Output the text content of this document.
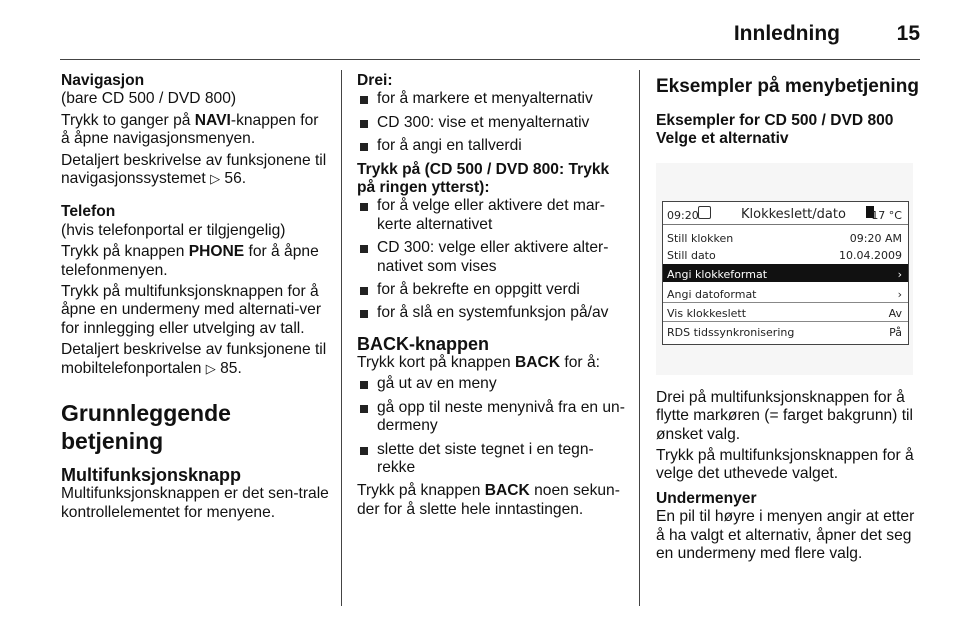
Innledning	15
Navigasjon

(bare CD 500 / DVD 800)

Trykk to ganger på NAVI-knappen for å åpne navigasjonsmenyen.

Detaljert beskrivelse av funksjonene til navigasjonssystemet ▷ 56.

Telefon

(hvis telefonportal er tilgjengelig)

Trykk på knappen PHONE for å åpne telefonmenyen.

Trykk på multifunksjonsknappen for å åpne en undermeny med alternati-ver for innlegging eller utvelging av tall.

Detaljert beskrivelse av funksjonene til mobiltelefonportalen ▷ 85.

Grunnleggende betjening
Multifunksjonsknapp

Multifunksjonsknappen er det sen-trale kontrollelementet for menyene.

Drei:
for å markere et menyalternativ
CD 300: vise et menyalternativ
for å angi en tallverdi
Trykk på (CD 500 / DVD 800: Trykk på ringen ytterst):
for å velge eller aktivere det mar-kerte alternativet
CD 300: velge eller aktivere alter-nativet som vises
for å bekrefte en oppgitt verdi
for å slå en systemfunksjon på/av
BACK-knappen

Trykk kort på knappen BACK for å:

gå ut av en meny
gå opp til neste menynivå fra en un-dermeny
slette det siste tegnet i en tegn-rekke

Trykk på knappen BACK noen sekun-der for å slette hele inntastingen.

Eksempler på menybetjening
Eksempler for CD 500 / DVD 800
Velge et alternativ
09:20	Klokkeslett/dato 17 °C
Still klokken	09:20 AM
Still dato	10.04.2009
Angi klokkeformat	›
Angi datoformat	›
Vis klokkeslett	Av
RDS tidssynkronisering	På

Drei på multifunksjonsknappen for å flytte markøren (= farget bakgrunn) til ønsket valg.

Trykk på multifunksjonsknappen for å velge det uthevede valget.

Undermenyer

En pil til høyre i menyen angir at etter å ha valgt et alternativ, åpner det seg en undermeny med flere valg.
